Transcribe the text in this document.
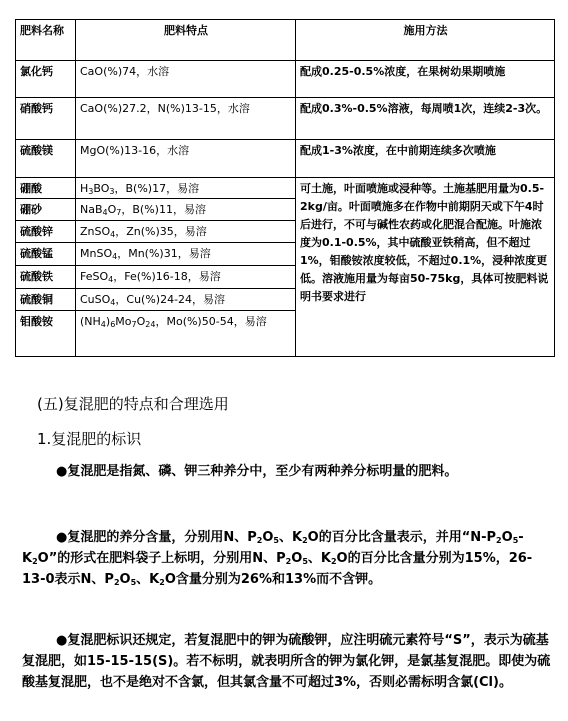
肥料名称	肥料特点	施用方法
氯化钙	CaO(%)74，水溶	配成0.25-0.5%浓度，在果树幼果期喷施
硝酸钙	CaO(%)27.2，N(%)13-15，水溶	配成0.3%-0.5%溶液，每周喷1次，连续2-3次。
硫酸镁	MgO(%)13-16，水溶	配成1-3%浓度，在中前期连续多次喷施
硼酸	$H_3BO_3$，B(%)17，易溶	可土施，叶面喷施或浸种等。土施基肥用量为0.5-2kg/亩。叶面喷施多在作物中前期阴天或下午4时后进行，不可与碱性农药或化肥混合配施。叶施浓度为0.1-0.5%，其中硫酸亚铁稍高，但不超过1%，钼酸铵浓度较低，不超过0.1%，浸种浓度更低。溶液施用量为每亩50-75kg，具体可按肥料说明书要求进行
硼砂	$NaB_4O_7$，B(%)11，易溶	
硫酸锌	ZnSO$_4$，Zn(%)35，易溶	
硫酸锰	MnSO$_4$，Mn(%)31，易溶	
硫酸铁	FeSO$_4$，Fe(%)16-18，易溶	
硫酸铜	CuSO$_4$，Cu(%)24-24，易溶	
钼酸铵	$(NH_4)_6Mo_7O_{24}$，Mo(%)50-54，易溶	

(五)复混肥的特点和合理选用

1.复混肥的标识

●复混肥是指氮、磷、钾三种养分中，至少有两种养分标明量的肥料。

●复混肥的养分含量，分别用N、$P_2O_5$、$K_2O$的百分比含量表示，并用“$N-P_2O_5-K_2O$”的形式在肥料袋子上标明，分别用N、$P_2O_5$、$K_2O$的百分比含量分别为15%，26-13-0表示N、$P_2O_5$、$K_2O$含量分别为26%和13%而不含钾。

●复混肥标识还规定，若复混肥中的钾为硫酸钾，应注明硫元素符号“S”，表示为硫基复混肥，如15-15-15(S)。若不标明，就表明所含的钾为氯化钾，是氯基复混肥。即使为硫酸基复混肥，也不是绝对不含氯，但其氯含量不可超过3%，否则必需标明含氯(Cl)。
